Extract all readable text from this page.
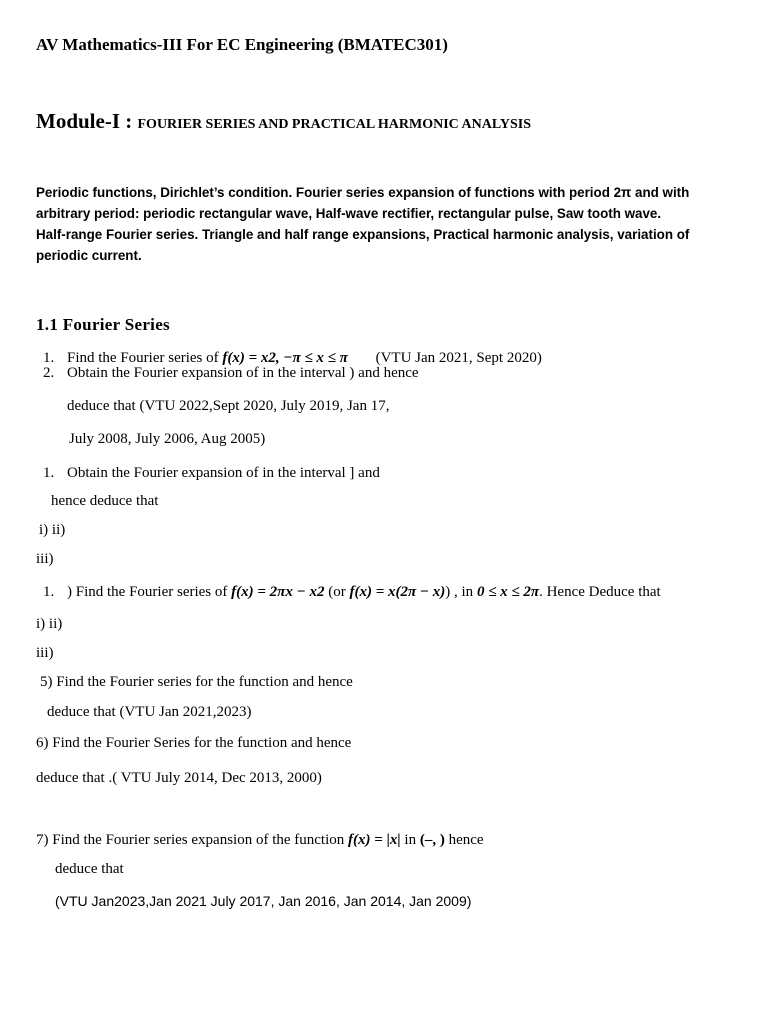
AV Mathematics-III For EC Engineering (BMATEC301)
Module-I : FOURIER SERIES AND PRACTICAL HARMONIC ANALYSIS
Periodic functions, Dirichlet’s condition. Fourier series expansion of functions with period 2π and with
arbitrary period: periodic rectangular wave, Half-wave rectifier, rectangular pulse, Saw tooth wave.
Half-range Fourier series. Triangle and half range expansions, Practical harmonic analysis, variation of
periodic current.
1.1 Fourier Series
1. Find the Fourier series of f(x) = x2, −π ≤ x ≤ π (VTU Jan 2021, Sept 2020)
2. Obtain the Fourier expansion of in the interval ) and hence
deduce that (VTU 2022,Sept 2020, July 2019, Jan 17,
July 2008, July 2006, Aug 2005)
1. Obtain the Fourier expansion of in the interval ] and
hence deduce that
i) ii)
iii)
1. ) Find the Fourier series of f(x) = 2πx − x2 (or f(x) = x(2π − x)) , in 0 ≤ x ≤ 2π. Hence Deduce that
i) ii)
iii)
5) Find the Fourier series for the function and hence
deduce that (VTU Jan 2021,2023)
6) Find the Fourier Series for the function and hence
deduce that .( VTU July 2014, Dec 2013, 2000)
7) Find the Fourier series expansion of the function f(x) = |x| in (–, ) hence
deduce that
(VTU Jan2023,Jan 2021 July 2017, Jan 2016, Jan 2014, Jan 2009)
